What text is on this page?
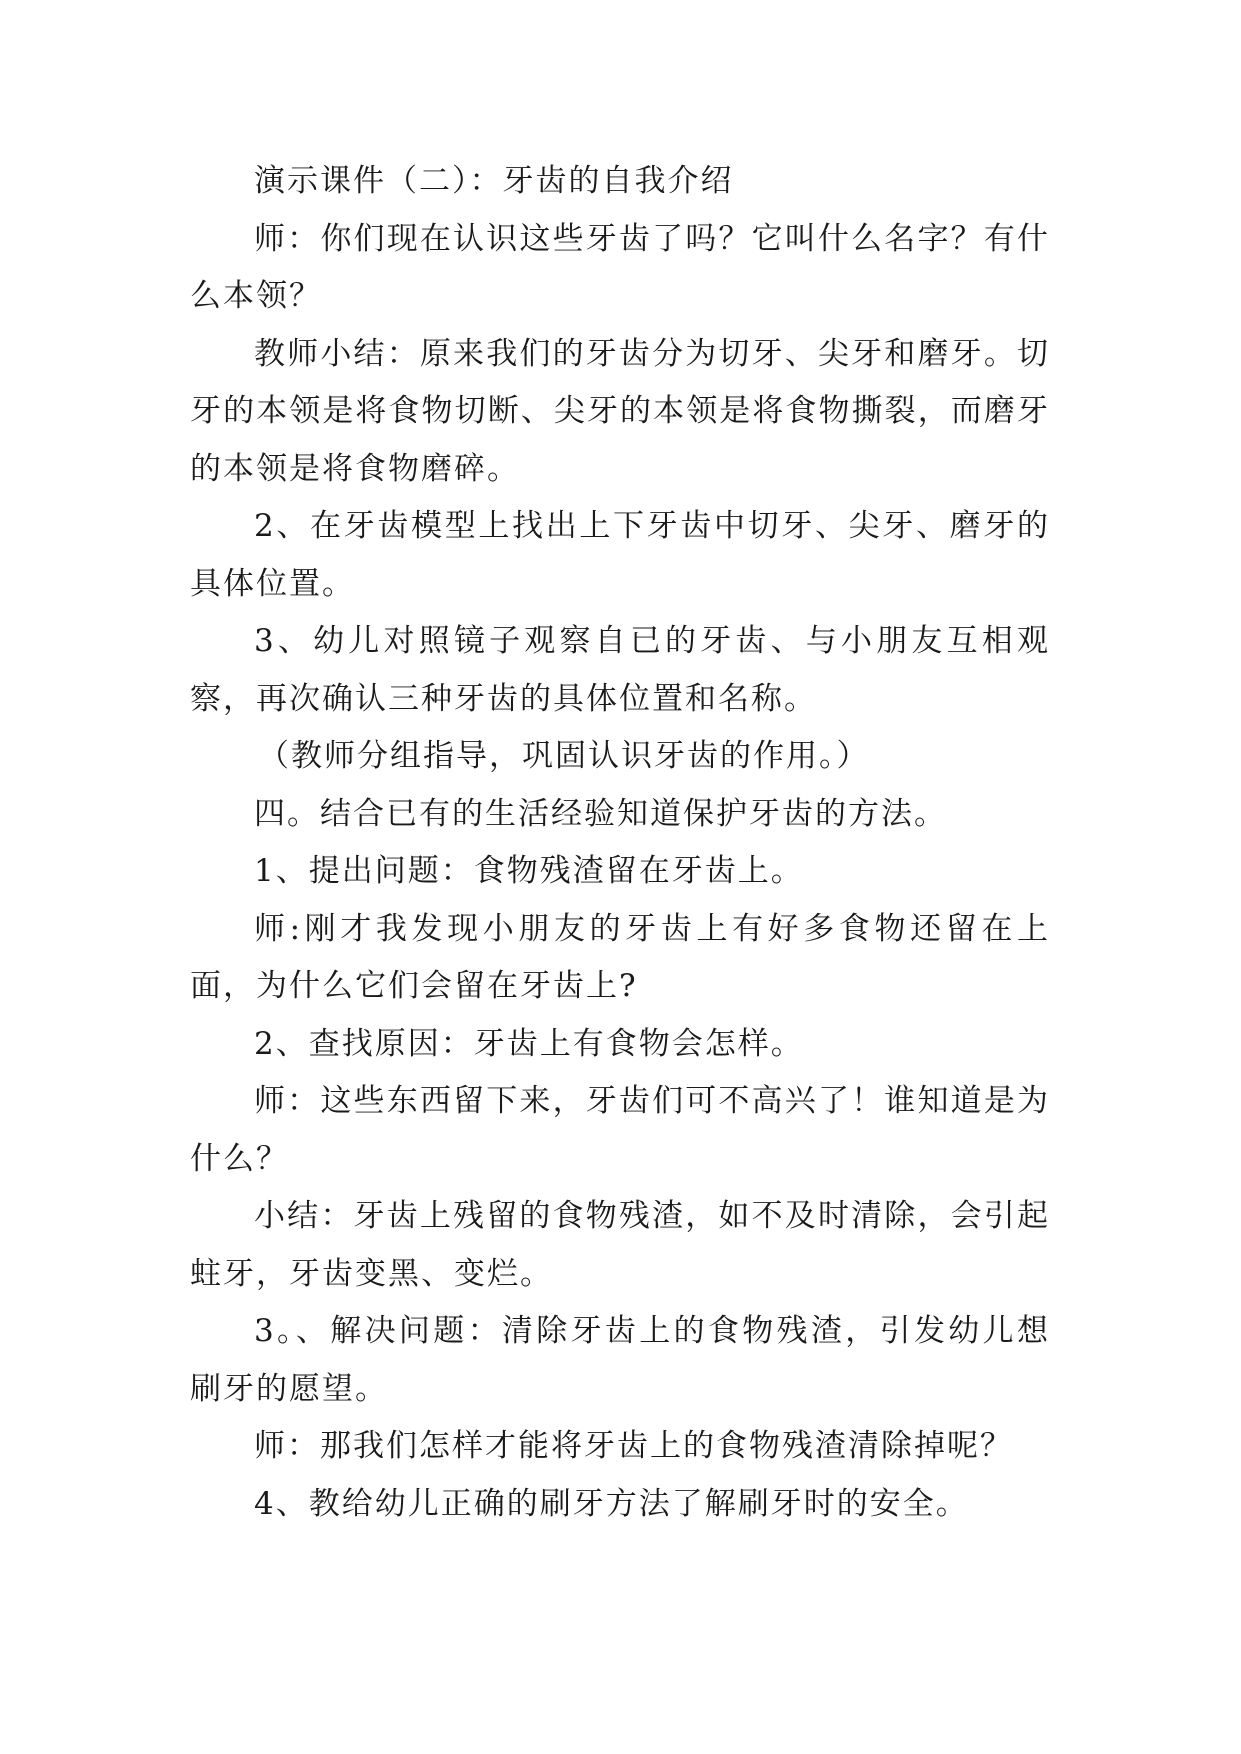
演示课件（二）：牙齿的自我介绍

师：你们现在认识这些牙齿了吗？它叫什么名字？有什么本领？

教师小结：原来我们的牙齿分为切牙、尖牙和磨牙。切牙的本领是将食物切断、尖牙的本领是将食物撕裂，而磨牙的本领是将食物磨碎。

2、在牙齿模型上找出上下牙齿中切牙、尖牙、磨牙的具体位置。

3、幼儿对照镜子观察自已的牙齿、与小朋友互相观察，再次确认三种牙齿的具体位置和名称。

（教师分组指导，巩固认识牙齿的作用。）

四。结合已有的生活经验知道保护牙齿的方法。

1、提出问题：食物残渣留在牙齿上。

师:刚才我发现小朋友的牙齿上有好多食物还留在上面，为什么它们会留在牙齿上?

2、查找原因：牙齿上有食物会怎样。

师：这些东西留下来，牙齿们可不高兴了！谁知道是为什么？

小结：牙齿上残留的食物残渣，如不及时清除，会引起蛀牙，牙齿变黑、变烂。

3。、解决问题：清除牙齿上的食物残渣，引发幼儿想刷牙的愿望。

师：那我们怎样才能将牙齿上的食物残渣清除掉呢？

4、教给幼儿正确的刷牙方法了解刷牙时的安全。
